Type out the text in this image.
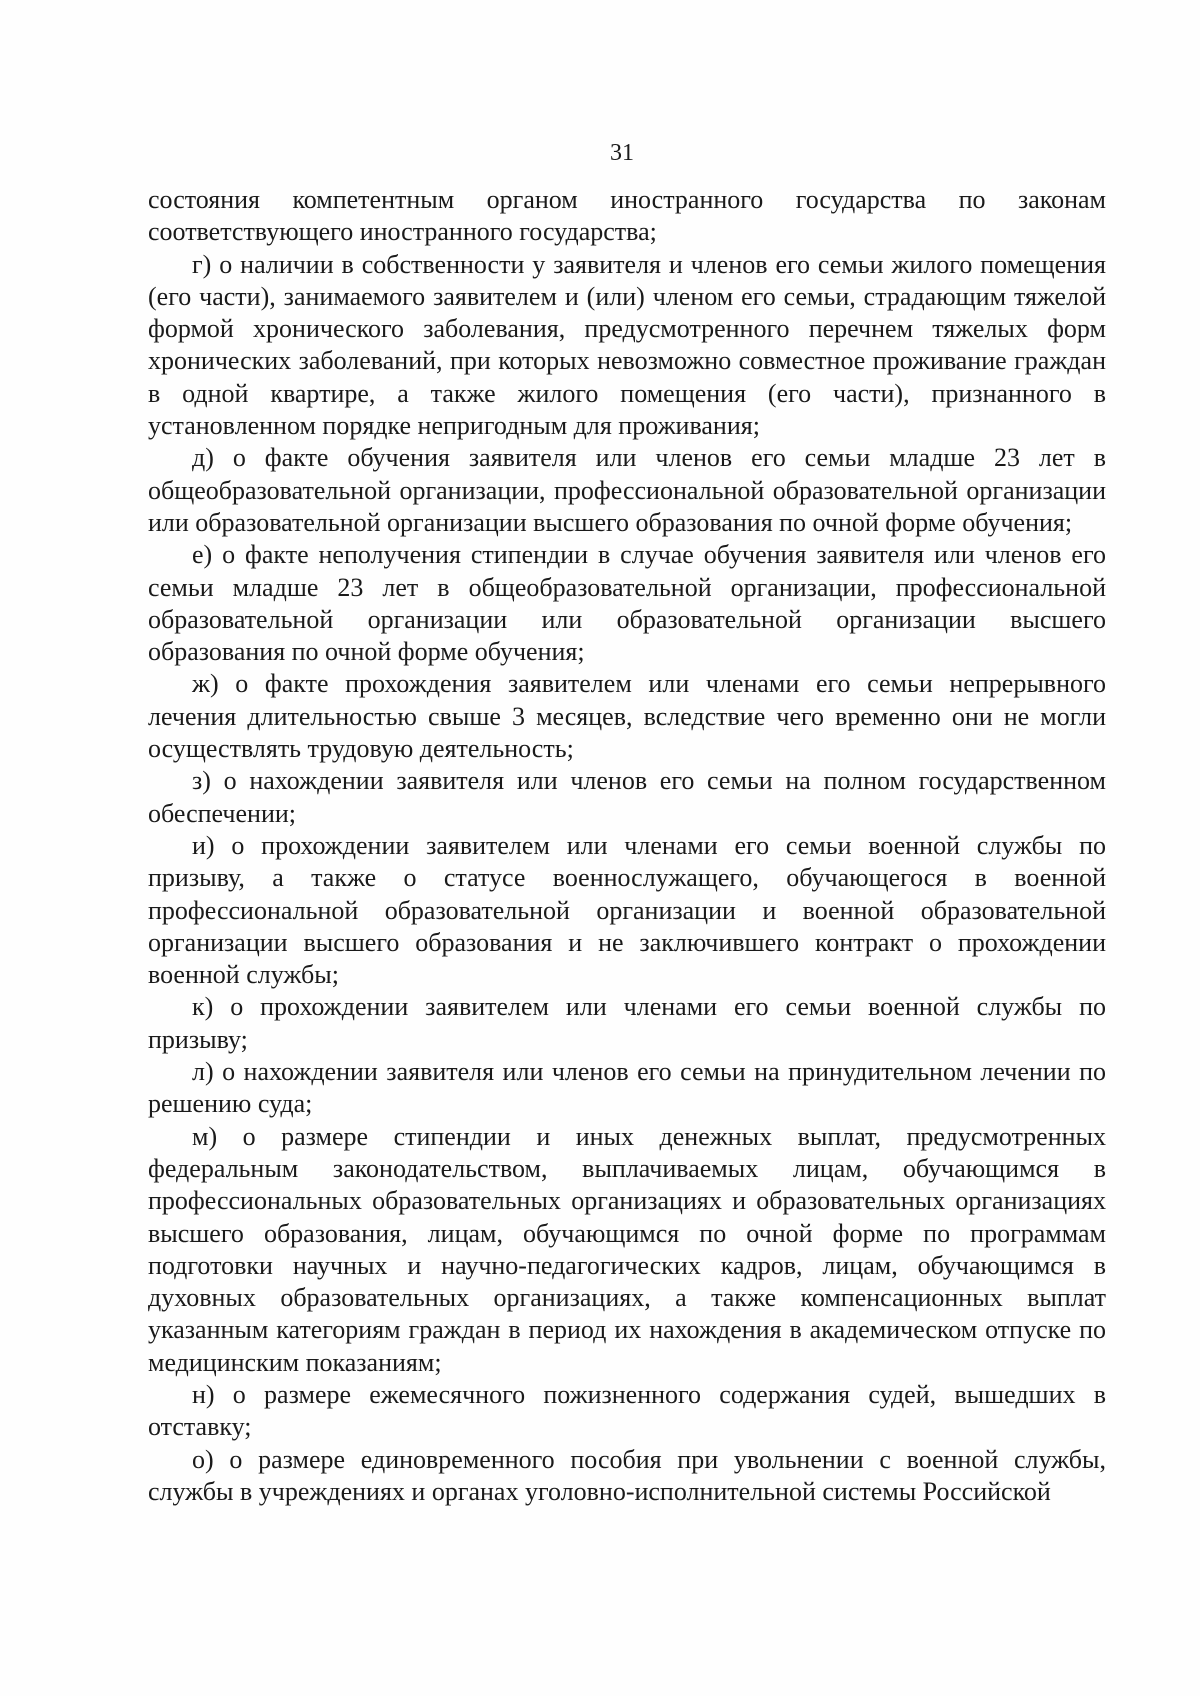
31

состояния компетентным органом иностранного государства по законам соответствующего иностранного государства;

г) о наличии в собственности у заявителя и членов его семьи жилого помещения (его части), занимаемого заявителем и (или) членом его семьи, страдающим тяжелой формой хронического заболевания, предусмотренного перечнем тяжелых форм хронических заболеваний, при которых невозможно совместное проживание граждан в одной квартире, а также жилого помещения (его части), признанного в установленном порядке непригодным для проживания;

д) о факте обучения заявителя или членов его семьи младше 23 лет в общеобразовательной организации, профессиональной образовательной организации или образовательной организации высшего образования по очной форме обучения;

е) о факте неполучения стипендии в случае обучения заявителя или членов его семьи младше 23 лет в общеобразовательной организации, профессиональной образовательной организации или образовательной организации высшего образования по очной форме обучения;

ж) о факте прохождения заявителем или членами его семьи непрерывного лечения длительностью свыше 3 месяцев, вследствие чего временно они не могли осуществлять трудовую деятельность;

з) о нахождении заявителя или членов его семьи на полном государственном обеспечении;

и) о прохождении заявителем или членами его семьи военной службы по призыву, а также о статусе военнослужащего, обучающегося в военной профессиональной образовательной организации и военной образовательной организации высшего образования и не заключившего контракт о прохождении военной службы;

к) о прохождении заявителем или членами его семьи военной службы по призыву;

л) о нахождении заявителя или членов его семьи на принудительном лечении по решению суда;

м) о размере стипендии и иных денежных выплат, предусмотренных федеральным законодательством, выплачиваемых лицам, обучающимся в профессиональных образовательных организациях и образовательных организациях высшего образования, лицам, обучающимся по очной форме по программам подготовки научных и научно-педагогических кадров, лицам, обучающимся в духовных образовательных организациях, а также компенсационных выплат указанным категориям граждан в период их нахождения в академическом отпуске по медицинским показаниям;

н) о размере ежемесячного пожизненного содержания судей, вышедших в отставку;

о) о размере единовременного пособия при увольнении с военной службы, службы в учреждениях и органах уголовно-исполнительной системы Российской
